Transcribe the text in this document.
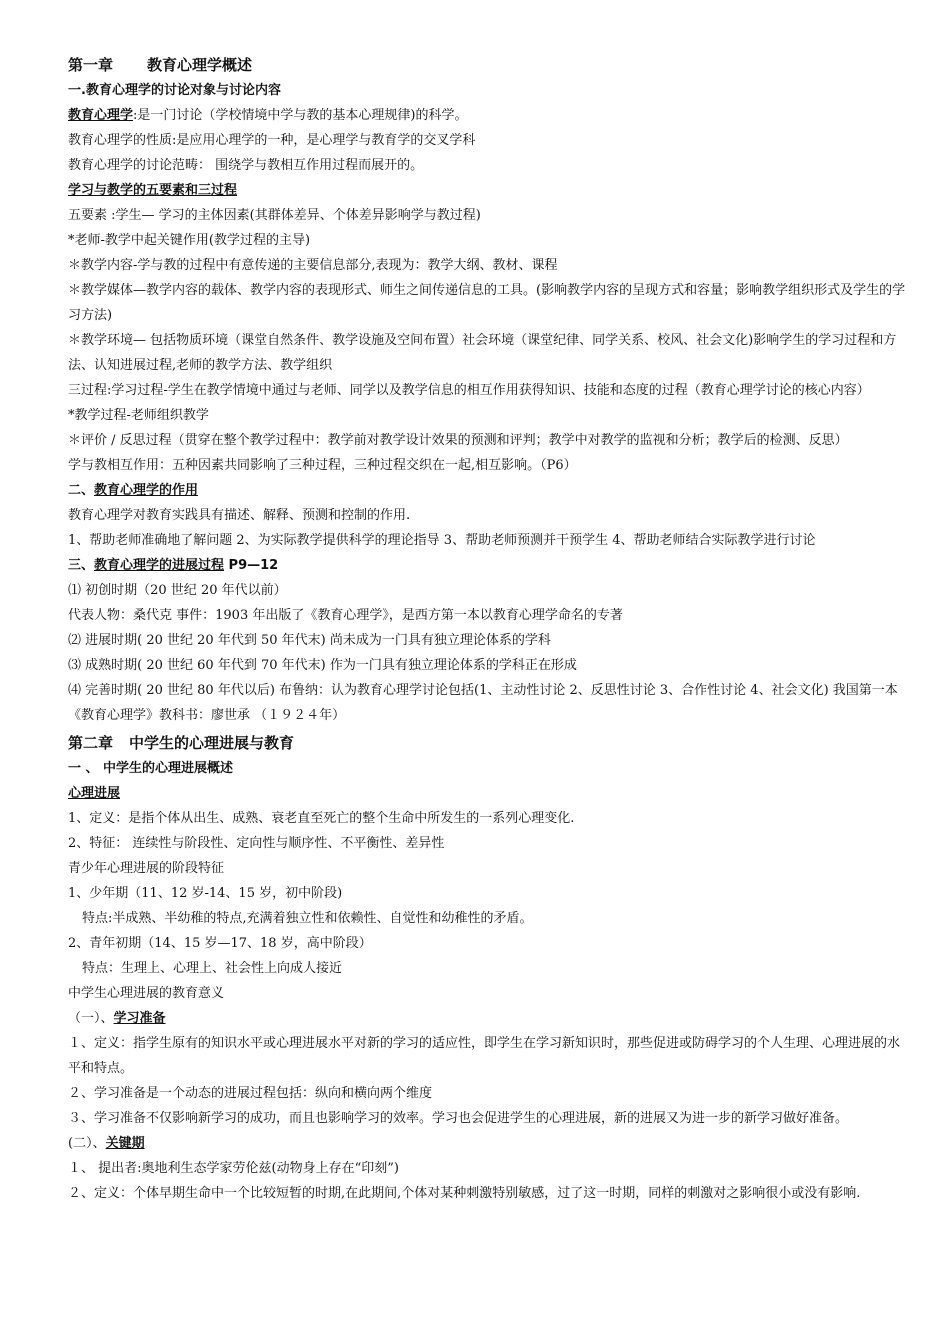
第一章 教育心理学概述

一.教育心理学的讨论对象与讨论内容

教育心理学:是一门讨论（学校情境中学与教的基本心理规律)的科学。

教育心理学的性质:是应用心理学的一种，是心理学与教育学的交叉学科

教育心理学的讨论范畴： 围绕学与教相互作用过程而展开的。

学习与教学的五要素和三过程

五要素 :学生— 学习的主体因素(其群体差异、个体差异影响学与教过程)

*老师-教学中起关键作用(教学过程的主导)

＊教学内容-学与教的过程中有意传递的主要信息部分,表现为：教学大纲、教材、课程

＊教学媒体—教学内容的载体、教学内容的表现形式、师生之间传递信息的工具。(影响教学内容的呈现方式和容量；影响教学组织形式及学生的学习方法)

＊教学环境— 包括物质环境（课堂自然条件、教学设施及空间布置）社会环境（课堂纪律、同学关系、校风、社会文化)影响学生的学习过程和方法、认知进展过程,老师的教学方法、教学组织

三过程:学习过程-学生在教学情境中通过与老师、同学以及教学信息的相互作用获得知识、技能和态度的过程（教育心理学讨论的核心内容）

*教学过程-老师组织教学

＊评价 / 反思过程（贯穿在整个教学过程中：教学前对教学设计效果的预测和评判；教学中对教学的监视和分析；教学后的检测、反思）

学与教相互作用：五种因素共同影响了三种过程，三种过程交织在一起,相互影响。（P6）

二、教育心理学的作用

教育心理学对教育实践具有描述、解释、预测和控制的作用.

1、帮助老师准确地了解问题 2、为实际教学提供科学的理论指导 3、帮助老师预测并干预学生 4、帮助老师结合实际教学进行讨论

三、教育心理学的进展过程 P9—12

⑴ 初创时期（20 世纪 20 年代以前）

代表人物：桑代克 事件：1903 年出版了《教育心理学》，是西方第一本以教育心理学命名的专著

⑵ 进展时期( 20 世纪 20 年代到 50 年代末) 尚未成为一门具有独立理论体系的学科

⑶ 成熟时期( 20 世纪 60 年代到 70 年代末) 作为一门具有独立理论体系的学科正在形成

⑷ 完善时期( 20 世纪 80 年代以后) 布鲁纳：认为教育心理学讨论包括(1、主动性讨论 2、反思性讨论 3、合作性讨论 4、社会文化) 我国第一本《教育心理学》教科书：廖世承 （１９２４年）

第二章 中学生的心理进展与教育

一 、 中学生的心理进展概述

心理进展

1、定义：是指个体从出生、成熟、衰老直至死亡的整个生命中所发生的一系列心理变化.

2、特征： 连续性与阶段性、定向性与顺序性、不平衡性、差异性

青少年心理进展的阶段特征

1、少年期（11、12 岁-14、15 岁，初中阶段)

特点:半成熟、半幼稚的特点,充满着独立性和依赖性、自觉性和幼稚性的矛盾。

2、青年初期（14、15 岁—17、18 岁，高中阶段）

特点：生理上、心理上、社会性上向成人接近

中学生心理进展的教育意义

（一）、学习准备

１、定义：指学生原有的知识水平或心理进展水平对新的学习的适应性，即学生在学习新知识时，那些促进或防碍学习的个人生理、心理进展的水平和特点。

２、学习准备是一个动态的进展过程包括：纵向和横向两个维度

３、学习准备不仅影响新学习的成功，而且也影响学习的效率。学习也会促进学生的心理进展，新的进展又为进一步的新学习做好准备。

(二）、关键期

１、 提出者:奥地利生态学家劳伦兹(动物身上存在“印刻”)

２、定义：个体早期生命中一个比较短暂的时期,在此期间,个体对某种刺激特别敏感，过了这一时期，同样的刺激对之影响很小或没有影响.
